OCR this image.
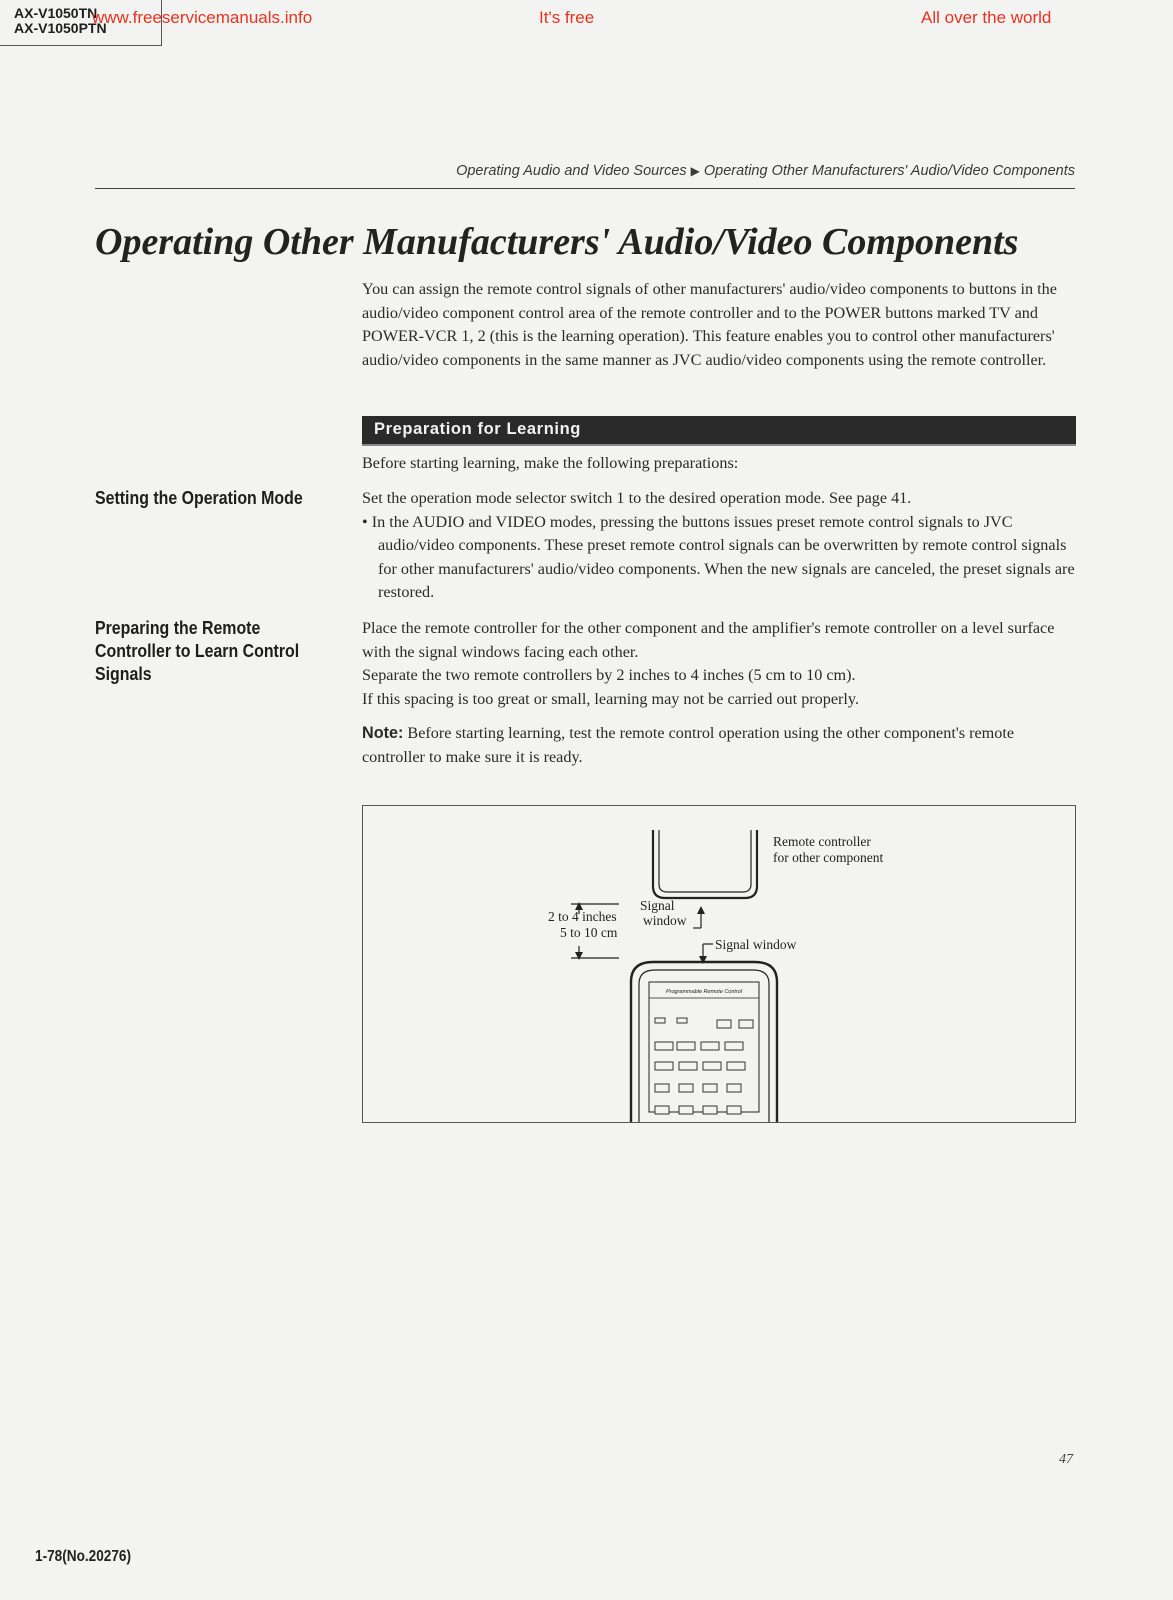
AX-V1050TN
AX-V1050PTN
www.freeservicemanuals.info	It's free	All over the world
Operating Audio and Video Sources ▶ Operating Other Manufacturers' Audio/Video Components
Operating Other Manufacturers' Audio/Video Components
You can assign the remote control signals of other manufacturers' audio/video components to buttons in the audio/video component control area of the remote controller and to the POWER buttons marked TV and POWER-VCR 1, 2 (this is the learning operation). This feature enables you to control other manufacturers' audio/video components in the same manner as JVC audio/video components using the remote controller.
Preparation for Learning
Before starting learning, make the following preparations:
Setting the Operation Mode	Set the operation mode selector switch 1 to the desired operation mode. See page 41.
• In the AUDIO and VIDEO modes, pressing the buttons issues preset remote control signals to JVC audio/video components. These preset remote control signals can be overwritten by remote control signals for other manufacturers' audio/video components. When the new signals are canceled, the preset signals are restored.
Preparing the Remote Controller to Learn Control Signals
Place the remote controller for the other component and the amplifier's remote controller on a level surface with the signal windows facing each other.
Separate the two remote controllers by 2 inches to 4 inches (5 cm to 10 cm).
If this spacing is too great or small, learning may not be carried out properly.
Note: Before starting learning, test the remote control operation using the other component's remote controller to make sure it is ready.
Programmable Remote Control
Remote controller
for other component
Signal
window
2 to 4 inches
5 to 10 cm
Signal window
47
1-78(No.20276)
